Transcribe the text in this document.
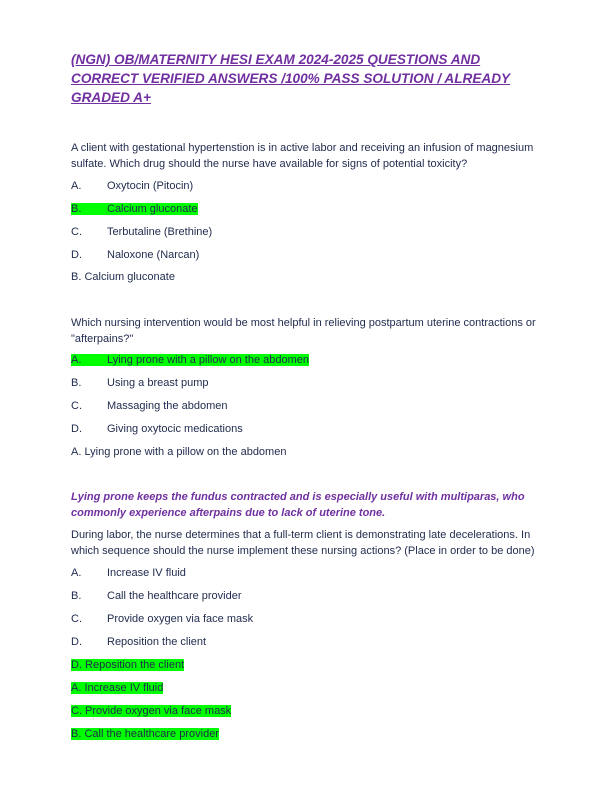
(NGN) OB/MATERNITY HESI EXAM 2024-2025 QUESTIONS AND CORRECT VERIFIED ANSWERS /100% PASS SOLUTION / ALREADY GRADED A+

A client with gestational hypertenstion is in active labor and receiving an infusion of magnesium sulfate. Which drug should the nurse have available for signs of potential toxicity?

A. Oxytocin (Pitocin)
B. Calcium gluconate
C. Terbutaline (Brethine)
D. Naloxone (Narcan)
B. Calcium gluconate

Which nursing intervention would be most helpful in relieving postpartum uterine contractions or "afterpains?"

A. Lying prone with a pillow on the abdomen
B. Using a breast pump
C. Massaging the abdomen
D. Giving oxytocic medications
A. Lying prone with a pillow on the abdomen

Lying prone keeps the fundus contracted and is especially useful with multiparas, who commonly experience afterpains due to lack of uterine tone.

During labor, the nurse determines that a full-term client is demonstrating late decelerations. In which sequence should the nurse implement these nursing actions? (Place in order to be done)

A. Increase IV fluid
B. Call the healthcare provider
C. Provide oxygen via face mask
D. Reposition the client
D. Reposition the client
A. Increase IV fluid
C. Provide oxygen via face mask
B. Call the healthcare provider
